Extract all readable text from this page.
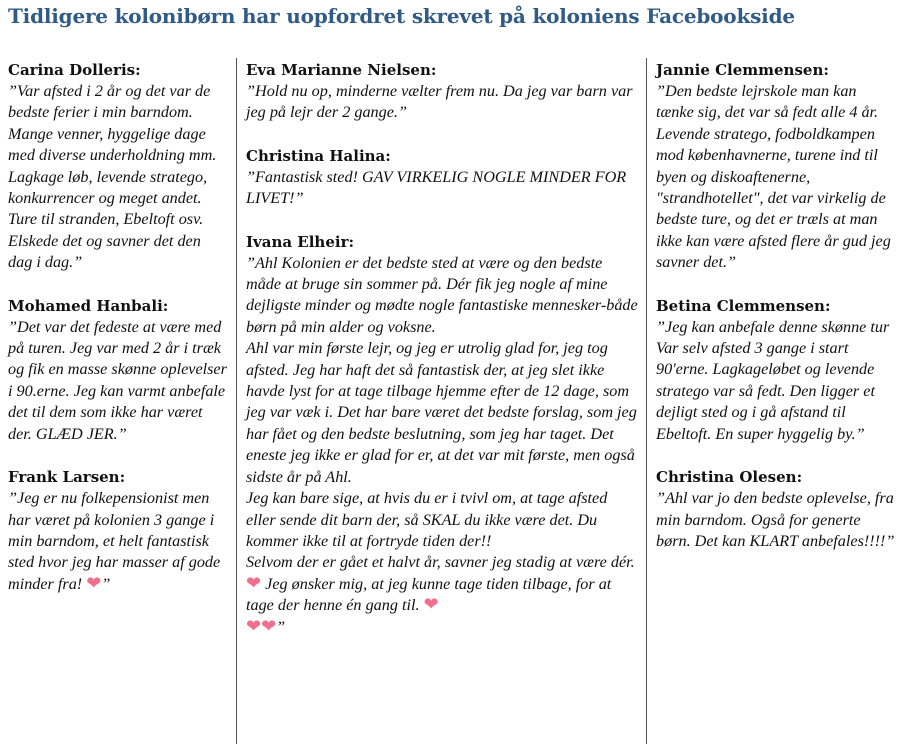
Tidligere kolonibørn har uopfordret skrevet på koloniens Facebookside
Carina Dolleris:
”Var afsted i 2 år og det var de bedste ferier i min barndom. Mange venner, hyggelige dage med diverse underholdning mm. Lagkage løb, levende stratego, konkurrencer og meget andet. Ture til stranden, Ebeltoft osv. Elskede det og savner det den dag i dag.”
Mohamed Hanbali:
”Det var det fedeste at være med på turen. Jeg var med 2 år i træk og fik en masse skønne oplevelser i 90.erne. Jeg kan varmt anbefale det til dem som ikke har været der. GLÆD JER.”
Frank Larsen:
”Jeg er nu folkepensionist men har været på kolonien 3 gange i min barndom, et helt fantastisk sted hvor jeg har masser af gode minder fra! ❤”
Eva Marianne Nielsen:
”Hold nu op, minderne vælter frem nu. Da jeg var barn var jeg på lejr der 2 gange.”
Christina Halina:
”Fantastisk sted! GAV VIRKELIG NOGLE MINDER FOR LIVET!”
Ivana Elheir:
”Ahl Kolonien er det bedste sted at være og den bedste måde at bruge sin sommer på. Dér fik jeg nogle af mine dejligste minder og mødte nogle fantastiske mennesker-både børn på min alder og voksne.
Ahl var min første lejr, og jeg er utrolig glad for, jeg tog afsted. Jeg har haft det så fantastisk der, at jeg slet ikke havde lyst for at tage tilbage hjemme efter de 12 dage, som jeg var væk i. Det har bare været det bedste forslag, som jeg har fået og den bedste beslutning, som jeg har taget. Det eneste jeg ikke er glad for er, at det var mit første, men også sidste år på Ahl.
Jeg kan bare sige, at hvis du er i tvivl om, at tage afsted eller sende dit barn der, så SKAL du ikke være det. Du kommer ikke til at fortryde tiden der!!
Selvom der er gået et halvt år, savner jeg stadig at være dér. ❤ Jeg ønsker mig, at jeg kunne tage tiden tilbage, for at tage der henne én gang til. ❤
❤❤”
Jannie Clemmensen:
”Den bedste lejrskole man kan tænke sig, det var så fedt alle 4 år. Levende stratego, fodboldkampen mod københavnerne, turene ind til byen og diskoaftenerne, "strandhotellet", det var virkelig de bedste ture, og det er træls at man ikke kan være afsted flere år gud jeg savner det.”
Betina Clemmensen:
”Jeg kan anbefale denne skønne tur Var selv afsted 3 gange i start 90'erne. Lagkageløbet og levende stratego var så fedt. Den ligger et dejligt sted og i gå afstand til Ebeltoft. En super hyggelig by.”
Christina Olesen:
”Ahl var jo den bedste oplevelse, fra min barndom. Også for generte børn. Det kan KLART anbefales!!!!”
